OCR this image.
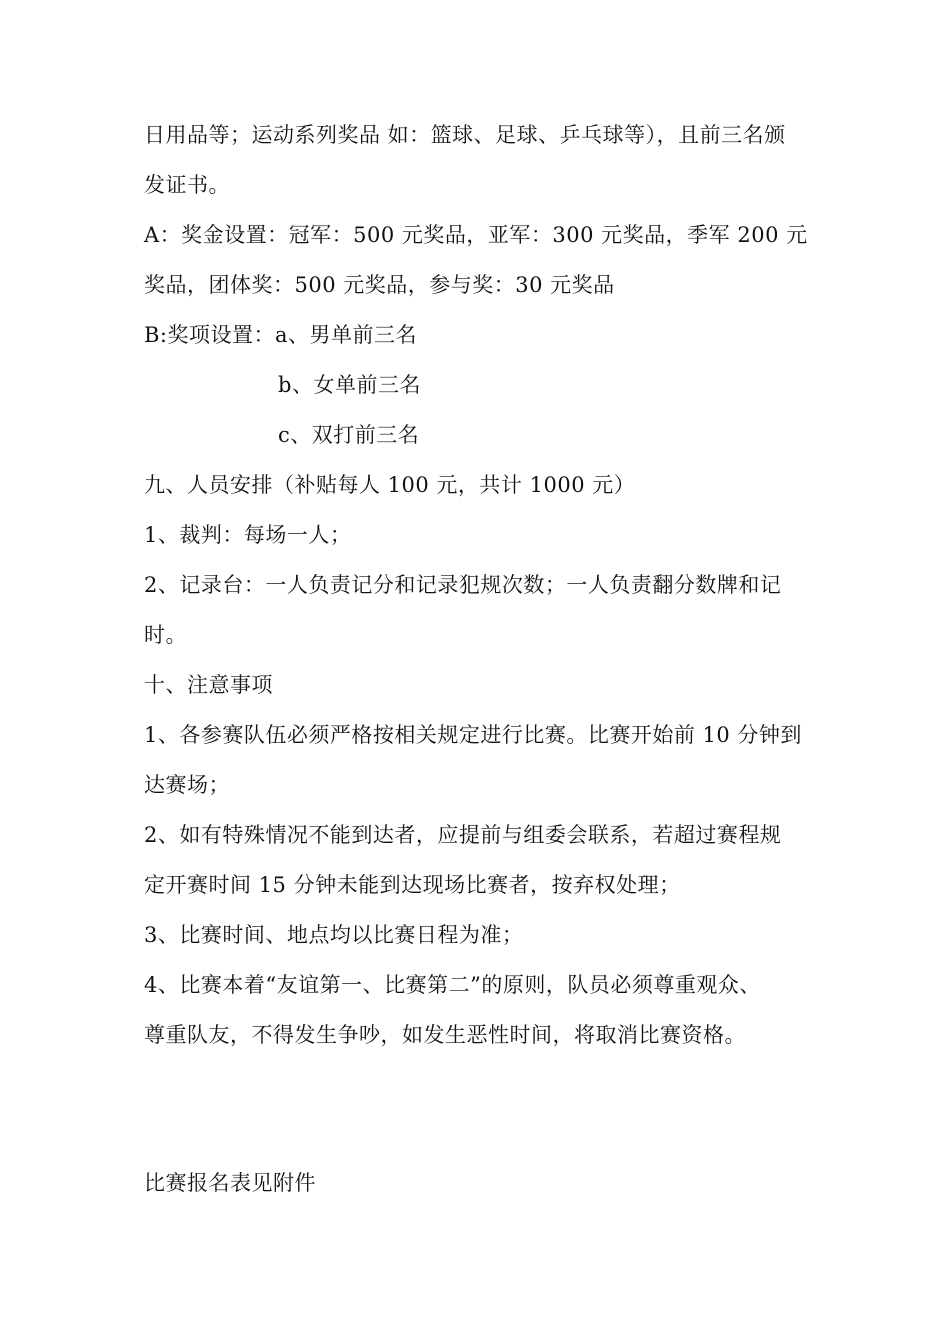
日用品等；运动系列奖品 如：篮球、足球、乒乓球等），且前三名颁
发证书。
A：奖金设置：冠军：500 元奖品，亚军：300 元奖品，季军 200 元
奖品，团体奖：500 元奖品，参与奖：30 元奖品
B:奖项设置：a、男单前三名
b、女单前三名
c、双打前三名
九、人员安排（补贴每人 100 元，共计 1000 元）
1、裁判：每场一人；
2、记录台：一人负责记分和记录犯规次数；一人负责翻分数牌和记
时。
十、注意事项
1、各参赛队伍必须严格按相关规定进行比赛。比赛开始前 10 分钟到
达赛场；
2、如有特殊情况不能到达者，应提前与组委会联系，若超过赛程规
定开赛时间 15 分钟未能到达现场比赛者，按弃权处理；
3、比赛时间、地点均以比赛日程为准；
4、比赛本着“友谊第一、比赛第二”的原则，队员必须尊重观众、
尊重队友，不得发生争吵，如发生恶性时间，将取消比赛资格。
比赛报名表见附件
